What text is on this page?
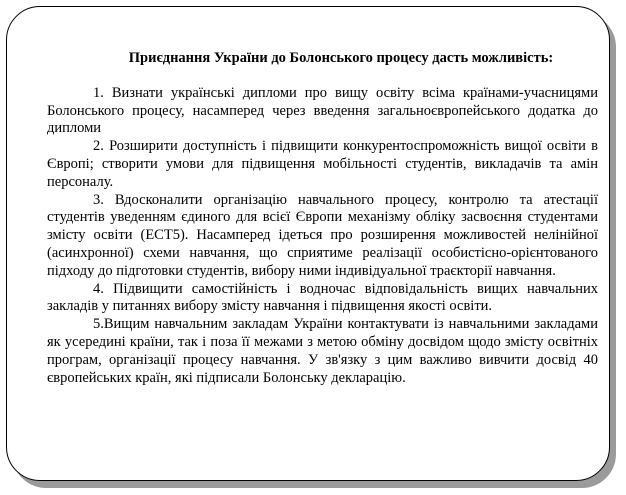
Приєднання України до Болонського процесу дасть можливість:

1. Визнати українські дипломи про вищу освіту всіма країнами-учасницями Болонського процесу, насамперед через введення загальноєвропейського додатка до дипломи

2. Розширити доступність і підвищити конкурентоспроможність вищої освіти в Європі; створити умови для підвищення мобільності студентів, викладачів та амін персоналу.

3. Вдосконалити організацію навчального процесу, контролю та атестації студентів уведенням єдиного для всієї Європи механізму обліку засвоєння студентами змісту освіти (ЕСТ5). Насамперед ідеться про розширення можливостей нелінійної (асинхронної) схеми навчання, що сприятиме реалізації особистісно-орієнтованого підходу до підготовки студентів, вибору ними індивідуальної траєкторії навчання.

4. Підвищити самостійність і водночас відповідальність вищих навчальних закладів у питаннях вибору змісту навчання і підвищення якості освіти.

5.Вищим навчальним закладам України контактувати із навчальними закладами як усередині країни, так і поза її межами з метою обміну досвідом щодо змісту освітніх програм, організації процесу навчання. У зв'язку з цим важливо вивчити досвід 40 європейських країн, які підписали Болонську декларацію.
